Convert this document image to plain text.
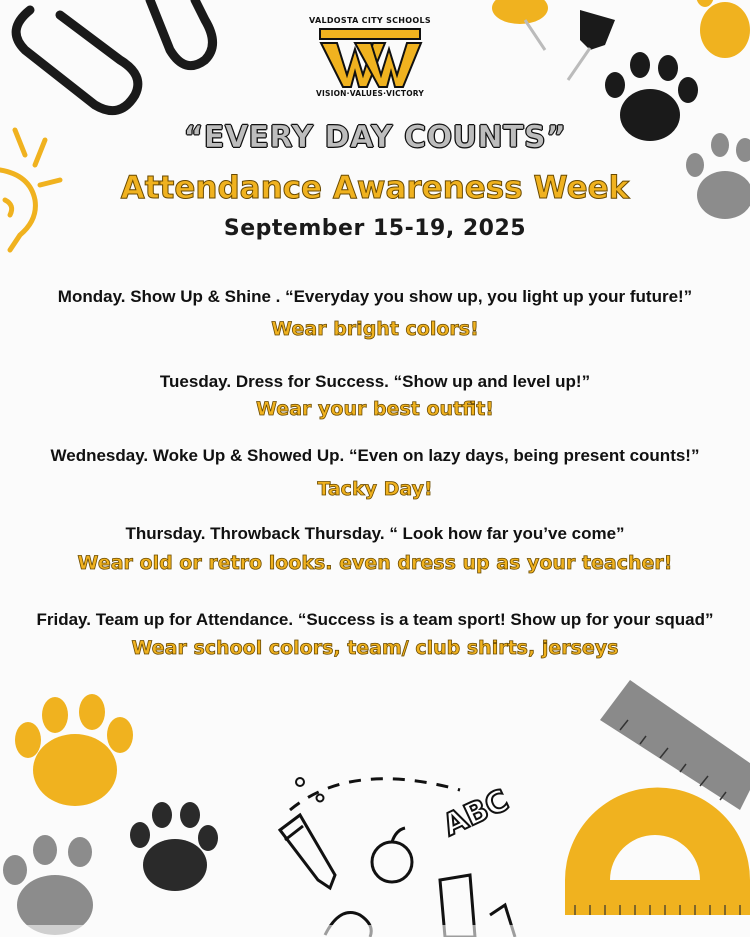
ABC
VALDOSTA CITY SCHOOLS
VISION·VALUES·VICTORY
“EVERY DAY COUNTS”
Attendance Awareness Week
September 15-19, 2025
Monday. Show Up & Shine . “Everyday you show up, you light up your future!”
Wear bright colors!
Tuesday. Dress for Success. “Show up and level up!”
Wear your best outfit!
Wednesday. Woke Up & Showed Up. “Even on lazy days, being present counts!”
Tacky Day!
Thursday. Throwback Thursday. “ Look how far you’ve come”
Wear old or retro looks. even dress up as your teacher!
Friday. Team up for Attendance. “Success is a team sport! Show up for your squad”
Wear school colors, team/ club shirts, jerseys
